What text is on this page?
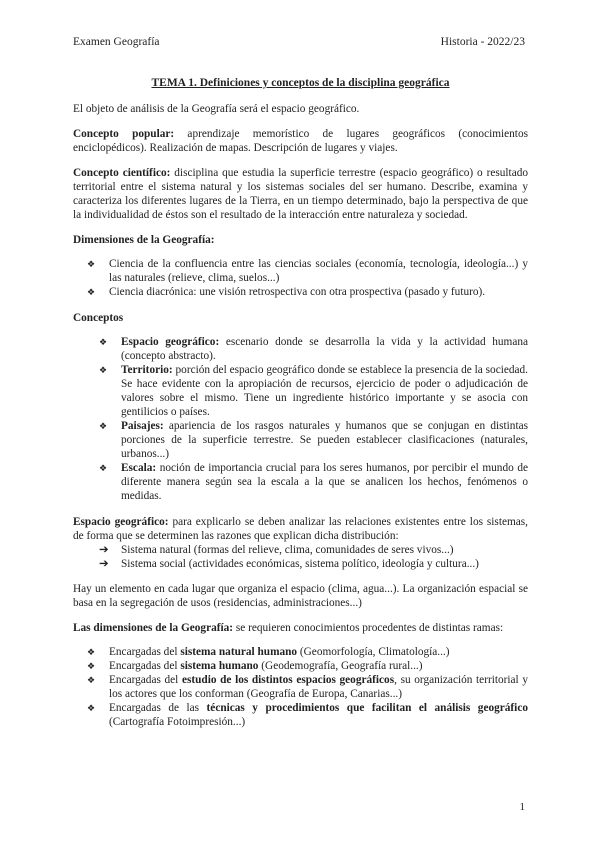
Examen Geografía	Historia - 2022/23
TEMA 1. Definiciones y conceptos de la disciplina geográfica

El objeto de análisis de la Geografía será el espacio geográfico.

Concepto popular: aprendizaje memorístico de lugares geográficos (conocimientos enciclopédicos). Realización de mapas. Descripción de lugares y viajes.

Concepto científico: disciplina que estudia la superficie terrestre (espacio geográfico) o resultado territorial entre el sistema natural y los sistemas sociales del ser humano. Describe, examina y caracteriza los diferentes lugares de la Tierra, en un tiempo determinado, bajo la perspectiva de que la individualidad de éstos son el resultado de la interacción entre naturaleza y sociedad.

Dimensiones de la Geografía:

❖ Ciencia de la confluencia entre las ciencias sociales (economía, tecnología, ideología...) y las naturales (relieve, clima, suelos...)
❖ Ciencia diacrónica: une visión retrospectiva con otra prospectiva (pasado y futuro).

Conceptos

❖ Espacio geográfico: escenario donde se desarrolla la vida y la actividad humana (concepto abstracto).
❖ Territorio: porción del espacio geográfico donde se establece la presencia de la sociedad. Se hace evidente con la apropiación de recursos, ejercicio de poder o adjudicación de valores sobre el mismo. Tiene un ingrediente histórico importante y se asocia con gentilicios o países.
❖ Paisajes: apariencia de los rasgos naturales y humanos que se conjugan en distintas porciones de la superficie terrestre. Se pueden establecer clasificaciones (naturales, urbanos...)
❖ Escala: noción de importancia crucial para los seres humanos, por percibir el mundo de diferente manera según sea la escala a la que se analicen los hechos, fenómenos o medidas.

Espacio geográfico: para explicarlo se deben analizar las relaciones existentes entre los sistemas, de forma que se determinen las razones que explican dicha distribución:

➔ Sistema natural (formas del relieve, clima, comunidades de seres vivos...)
➔ Sistema social (actividades económicas, sistema político, ideología y cultura...)

Hay un elemento en cada lugar que organiza el espacio (clima, agua...). La organización espacial se basa en la segregación de usos (residencias, administraciones...)

Las dimensiones de la Geografía: se requieren conocimientos procedentes de distintas ramas:

❖ Encargadas del sistema natural humano (Geomorfología, Climatología...)
❖ Encargadas del sistema humano (Geodemografía, Geografía rural...)
❖ Encargadas del estudio de los distintos espacios geográficos, su organización territorial y los actores que los conforman (Geografía de Europa, Canarias...)
❖ Encargadas de las técnicas y procedimientos que facilitan el análisis geográfico (Cartografía Fotoimpresión...)
1
